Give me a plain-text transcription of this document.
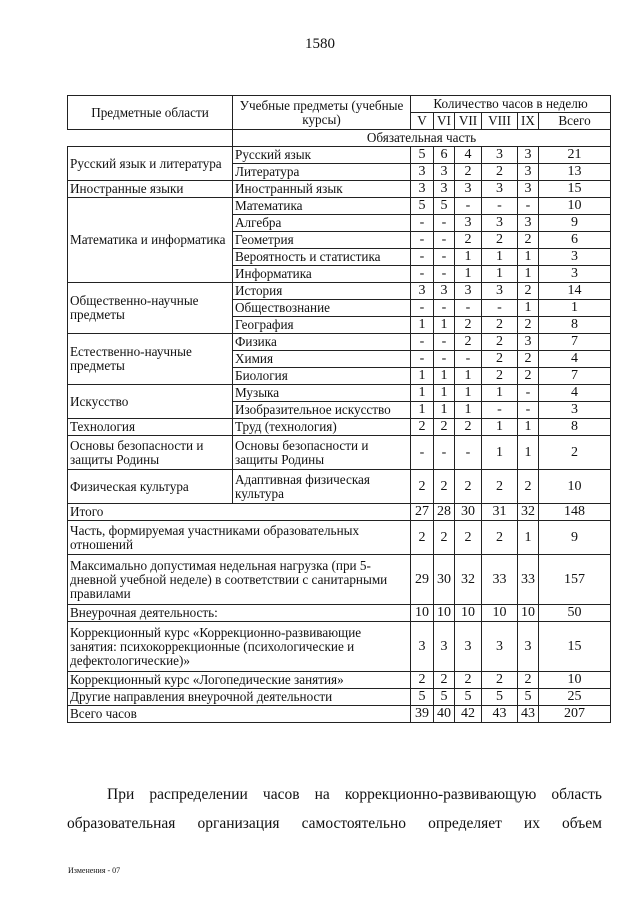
1580
Предметные области	Учебные предметы (учебные курсы)	Количество часов в неделю					
		V	VI	VII	VIII	IX	Всего
	Обязательная часть						
Русский язык и литература	Русский язык	5	6	4	3	3	21
	Литература	3	3	2	2	3	13
Иностранные языки	Иностранный язык	3	3	3	3	3	15
Математика и информатика	Математика	5	5	-	-	-	10
	Алгебра	-	-	3	3	3	9
	Геометрия	-	-	2	2	2	6
	Вероятность и статистика	-	-	1	1	1	3
	Информатика	-	-	1	1	1	3
Общественно-научные предметы	История	3	3	3	3	2	14
	Обществознание	-	-	-	-	1	1
	География	1	1	2	2	2	8
Естественно-научные предметы	Физика	-	-	2	2	3	7
	Химия	-	-	-	2	2	4
	Биология	1	1	1	2	2	7
Искусство	Музыка	1	1	1	1	-	4
	Изобразительное искусство	1	1	1	-	-	3
Технология	Труд (технология)	2	2	2	1	1	8
Основы безопасности и защиты Родины	Основы безопасности и защиты Родины	-	-	-	1	1	2
Физическая культура	Адаптивная физическая культура	2	2	2	2	2	10
Итого		27	28	30	31	32	148
Часть, формируемая участниками образовательных отношений		2	2	2	2	1	9
Максимально допустимая недельная нагрузка (при 5-дневной учебной неделе) в соответствии с санитарными правилами		29	30	32	33	33	157
Внеурочная деятельность:		10	10	10	10	10	50
Коррекционный курс «Коррекционно-развивающие занятия: психокоррекционные (психологические и дефектологические)»		3	3	3	3	3	15
Коррекционный курс «Логопедические занятия»		2	2	2	2	2	10
Другие направления внеурочной деятельности		5	5	5	5	5	25
Всего часов		39	40	42	43	43	207

При распределении часов на коррекционно-развивающую область

образовательная организация самостоятельно определяет их объем

Изменения - 07
